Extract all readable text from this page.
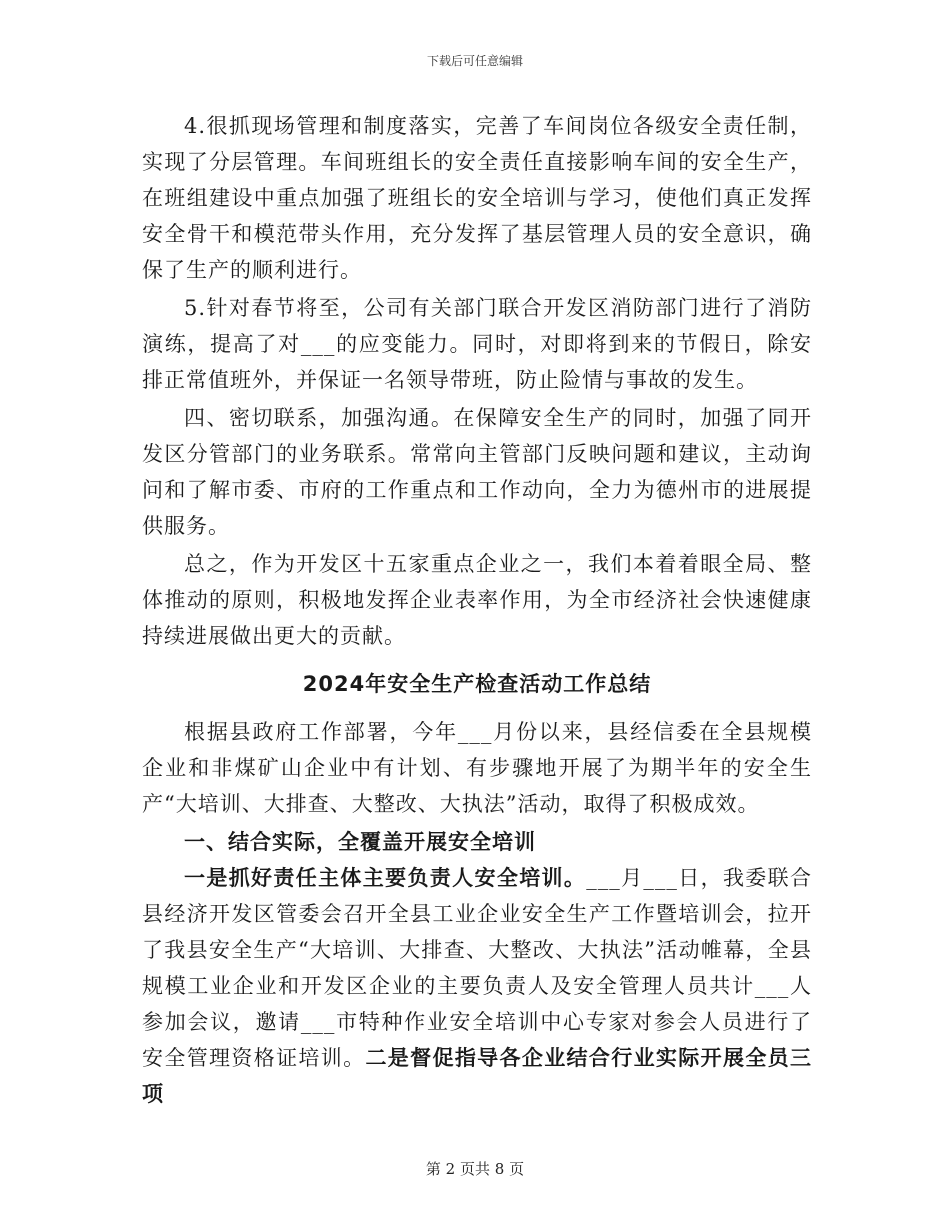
下载后可任意编辑

4.很抓现场管理和制度落实，完善了车间岗位各级安全责任制，实现了分层管理。车间班组长的安全责任直接影响车间的安全生产，在班组建设中重点加强了班组长的安全培训与学习，使他们真正发挥安全骨干和模范带头作用，充分发挥了基层管理人员的安全意识，确保了生产的顺利进行。

5.针对春节将至，公司有关部门联合开发区消防部门进行了消防演练，提高了对___的应变能力。同时，对即将到来的节假日，除安排正常值班外，并保证一名领导带班，防止险情与事故的发生。

四、密切联系，加强沟通。在保障安全生产的同时，加强了同开发区分管部门的业务联系。常常向主管部门反映问题和建议，主动询问和了解市委、市府的工作重点和工作动向，全力为德州市的进展提供服务。

总之，作为开发区十五家重点企业之一，我们本着着眼全局、整体推动的原则，积极地发挥企业表率作用，为全市经济社会快速健康持续进展做出更大的贡献。

2024年安全生产检查活动工作总结

根据县政府工作部署，今年___月份以来，县经信委在全县规模企业和非煤矿山企业中有计划、有步骤地开展了为期半年的安全生产“大培训、大排查、大整改、大执法”活动，取得了积极成效。

一、结合实际，全覆盖开展安全培训

一是抓好责任主体主要负责人安全培训。___月___日，我委联合县经济开发区管委会召开全县工业企业安全生产工作暨培训会，拉开了我县安全生产“大培训、大排查、大整改、大执法”活动帷幕，全县规模工业企业和开发区企业的主要负责人及安全管理人员共计___人参加会议，邀请___市特种作业安全培训中心专家对参会人员进行了安全管理资格证培训。二是督促指导各企业结合行业实际开展全员三项

第 2 页共 8 页
